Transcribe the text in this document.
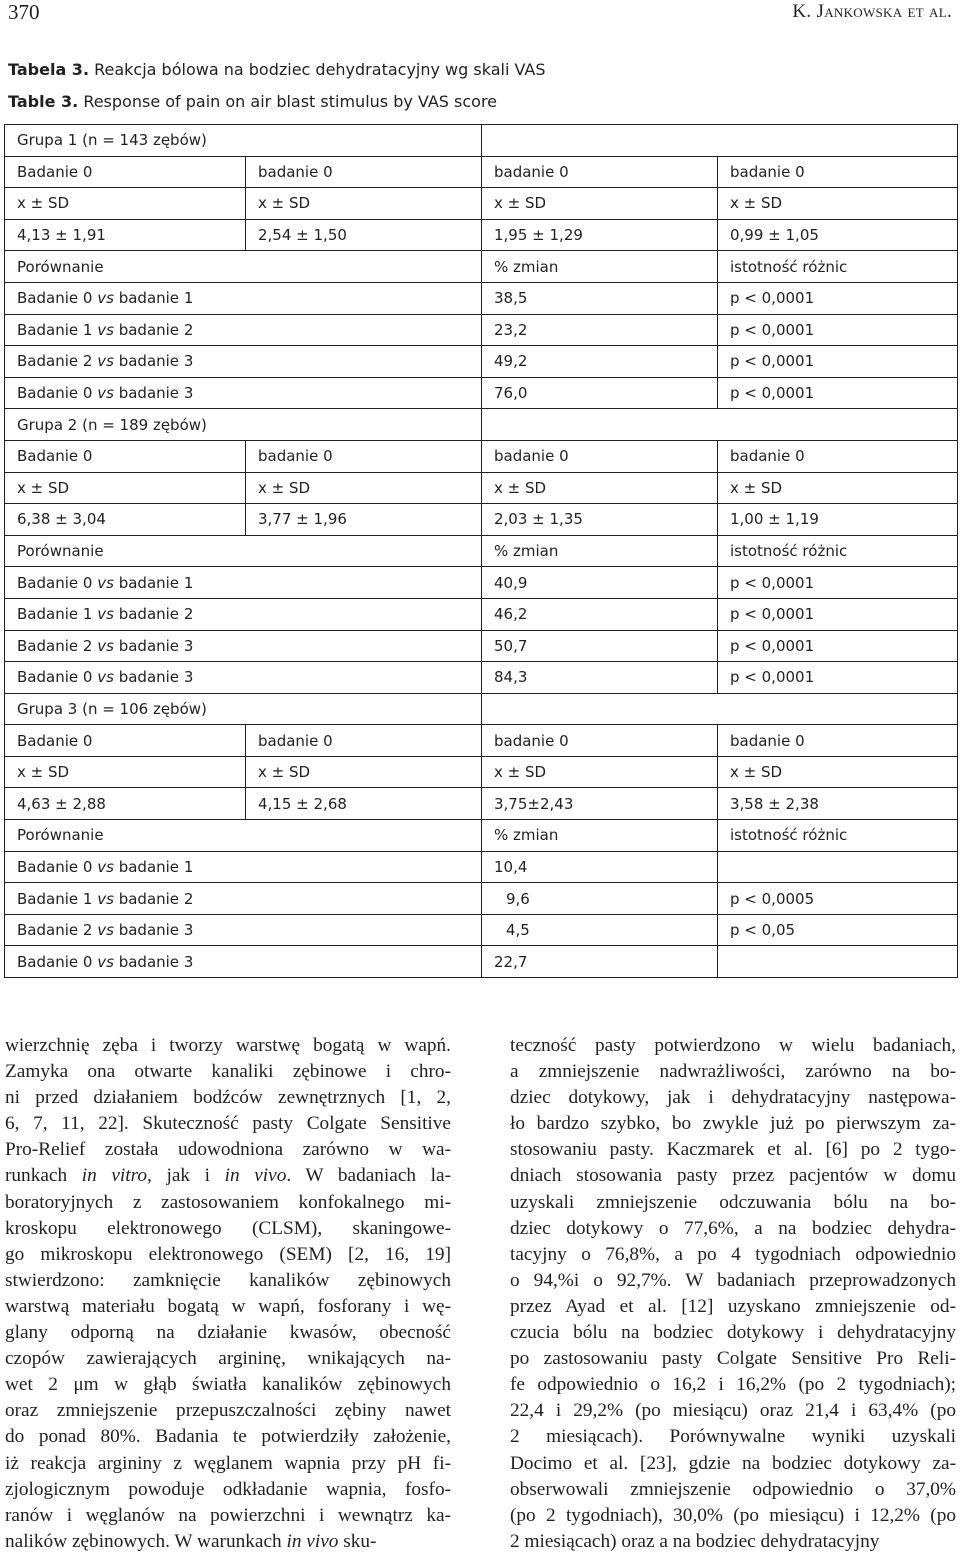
370	K. Jankowska et al.
Tabela 3. Reakcja bólowa na bodziec dehydratacyjny wg skali VAS
Table 3. Response of pain on air blast stimulus by VAS score
Grupa 1 (n = 143 zębów)			
Badanie 0	badanie 0	badanie 0	badanie 0
x ± SD	x ± SD	x ± SD	x ± SD
4,13 ± 1,91	2,54 ± 1,50	1,95 ± 1,29	0,99 ± 1,05
Porównanie		% zmian	istotność różnic
Badanie 0 vs badanie 1		38,5	p < 0,0001
Badanie 1 vs badanie 2		23,2	p < 0,0001
Badanie 2 vs badanie 3		49,2	p < 0,0001
Badanie 0 vs badanie 3		76,0	p < 0,0001
Grupa 2 (n = 189 zębów)			
Badanie 0	badanie 0	badanie 0	badanie 0
x ± SD	x ± SD	x ± SD	x ± SD
6,38 ± 3,04	3,77 ± 1,96	2,03 ± 1,35	1,00 ± 1,19
Porównanie		% zmian	istotność różnic
Badanie 0 vs badanie 1		40,9	p < 0,0001
Badanie 1 vs badanie 2		46,2	p < 0,0001
Badanie 2 vs badanie 3		50,7	p < 0,0001
Badanie 0 vs badanie 3		84,3	p < 0,0001
Grupa 3 (n = 106 zębów)			
Badanie 0	badanie 0	badanie 0	badanie 0
x ± SD	x ± SD	x ± SD	x ± SD
4,63 ± 2,88	4,15 ± 2,68	3,75±2,43	3,58 ± 2,38
Porównanie		% zmian	istotność różnic
Badanie 0 vs badanie 1		10,4	
Badanie 1 vs badanie 2		9,6	p < 0,0005
Badanie 2 vs badanie 3		4,5	p < 0,05
Badanie 0 vs badanie 3		22,7	
wierzchnię zęba i tworzy warstwę bogatą w wapń.
Zamyka ona otwarte kanaliki zębinowe i chro-
ni przed działaniem bodźców zewnętrznych [1, 2,
6, 7, 11, 22]. Skuteczność pasty Colgate Sensitive
Pro-Relief została udowodniona zarówno w wa-
runkach in vitro, jak i in vivo. W badaniach la-
boratoryjnych z zastosowaniem konfokalnego mi-
kroskopu elektronowego (CLSM), skaningowe-
go mikroskopu elektronowego (SEM) [2, 16, 19]
stwierdzono: zamknięcie kanalików zębinowych
warstwą materiału bogatą w wapń, fosforany i wę-
glany odporną na działanie kwasów, obecność
czopów zawierających argininę, wnikających na-
wet 2 μm w głąb światła kanalików zębinowych
oraz zmniejszenie przepuszczalności zębiny nawet
do ponad 80%. Badania te potwierdziły założenie,
iż reakcja argininy z węglanem wapnia przy pH fi-
zjologicznym powoduje odkładanie wapnia, fosfo-
ranów i węglanów na powierzchni i wewnątrz ka-
nalików zębinowych. W warunkach in vivo sku-
teczność pasty potwierdzono w wielu badaniach,
a zmniejszenie nadwrażliwości, zarówno na bo-
dziec dotykowy, jak i dehydratacyjny następowa-
ło bardzo szybko, bo zwykle już po pierwszym za-
stosowaniu pasty. Kaczmarek et al. [6] po 2 tygo-
dniach stosowania pasty przez pacjentów w domu
uzyskali zmniejszenie odczuwania bólu na bo-
dziec dotykowy o 77,6%, a na bodziec dehydra-
tacyjny o 76,8%, a po 4 tygodniach odpowiednio
o 94,%i o 92,7%. W badaniach przeprowadzonych
przez Ayad et al. [12] uzyskano zmniejszenie od-
czucia bólu na bodziec dotykowy i dehydratacyjny
po zastosowaniu pasty Colgate Sensitive Pro Reli-
fe odpowiednio o 16,2 i 16,2% (po 2 tygodniach);
22,4 i 29,2% (po miesiącu) oraz 21,4 i 63,4% (po
2 miesiącach). Porównywalne wyniki uzyskali
Docimo et al. [23], gdzie na bodziec dotykowy za-
obserwowali zmniejszenie odpowiednio o 37,0%
(po 2 tygodniach), 30,0% (po miesiącu) i 12,2% (po
2 miesiącach) oraz a na bodziec dehydratacyjny
